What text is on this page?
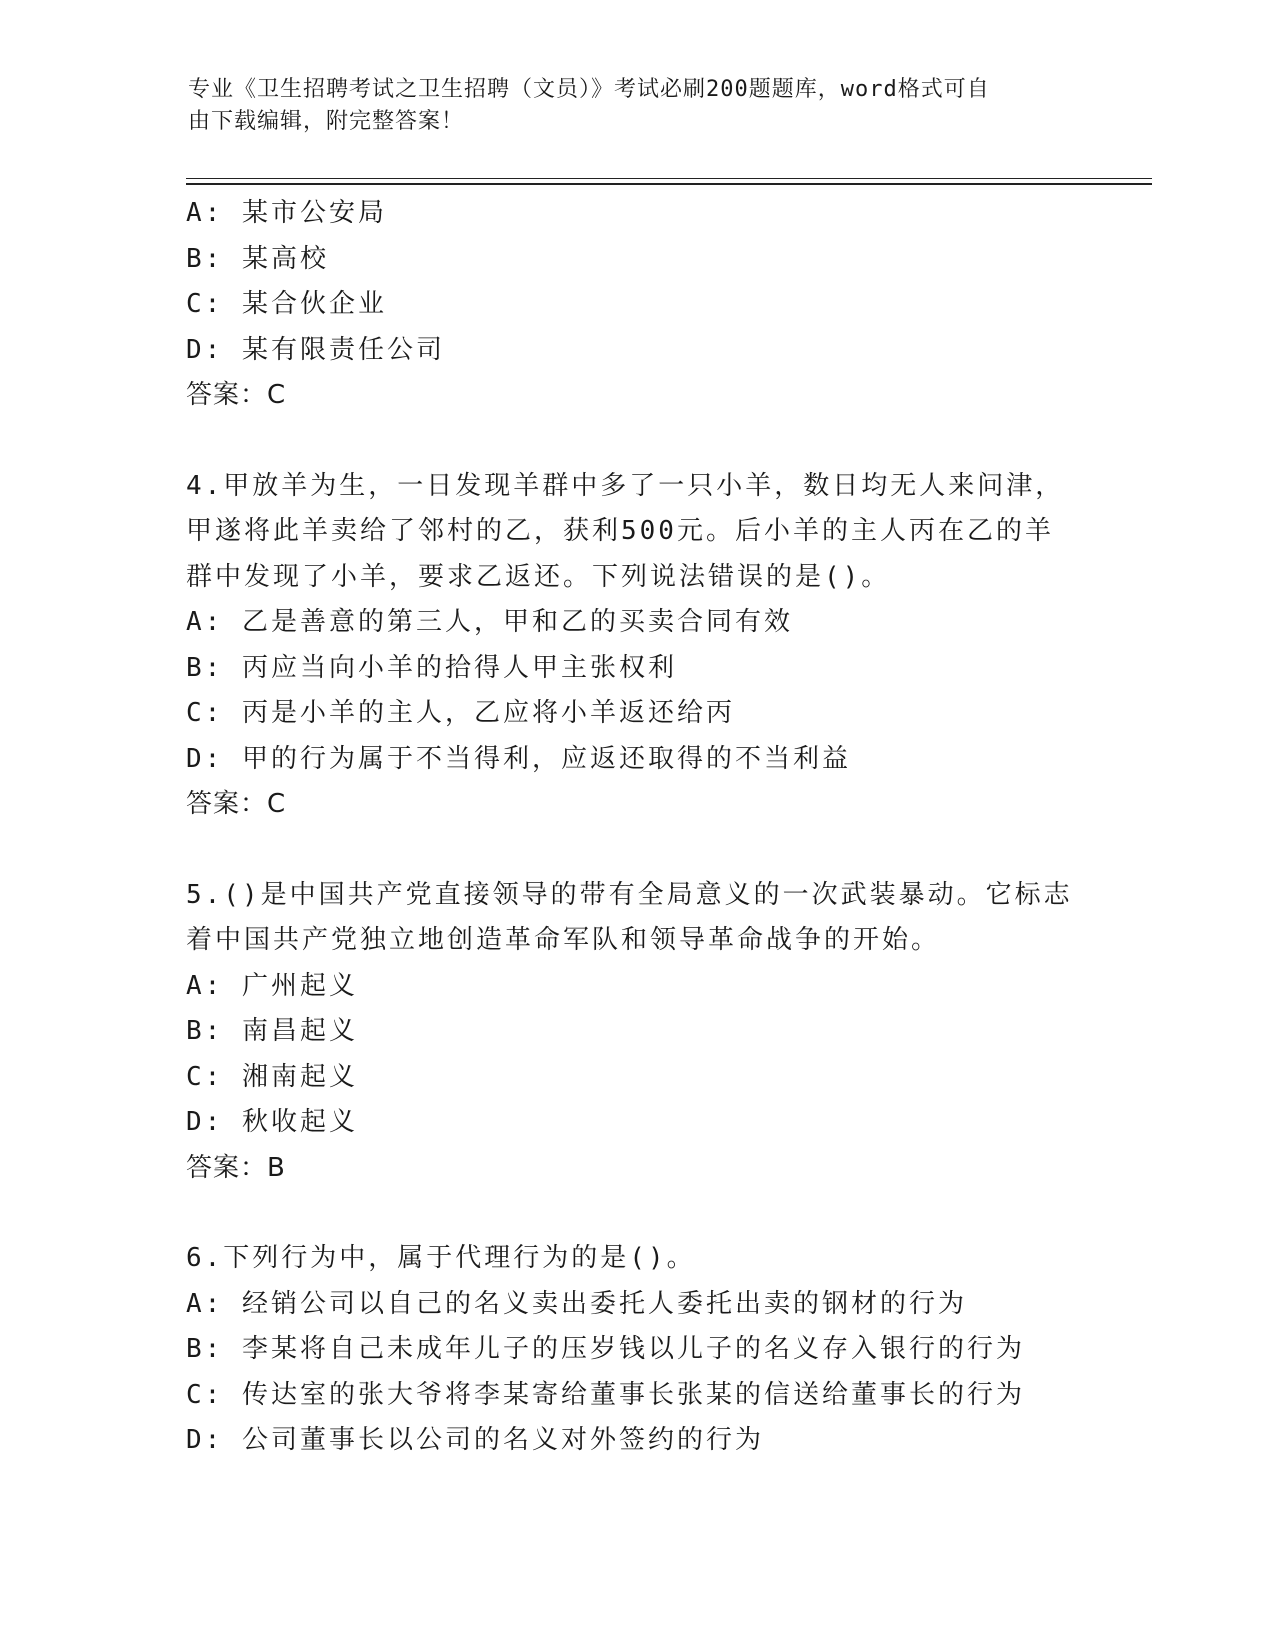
专业《卫生招聘考试之卫生招聘（文员）》考试必刷200题题库，word格式可自
由下载编辑，附完整答案！
A: 某市公安局
B: 某高校
C: 某合伙企业
D: 某有限责任公司
答案：C
4.甲放羊为生，一日发现羊群中多了一只小羊，数日均无人来问津，
甲遂将此羊卖给了邻村的乙，获利500元。后小羊的主人丙在乙的羊
群中发现了小羊，要求乙返还。下列说法错误的是()。
A: 乙是善意的第三人，甲和乙的买卖合同有效
B: 丙应当向小羊的拾得人甲主张权利
C: 丙是小羊的主人，乙应将小羊返还给丙
D: 甲的行为属于不当得利，应返还取得的不当利益
答案：C
5.()是中国共产党直接领导的带有全局意义的一次武装暴动。它标志
着中国共产党独立地创造革命军队和领导革命战争的开始。
A: 广州起义
B: 南昌起义
C: 湘南起义
D: 秋收起义
答案：B
6.下列行为中，属于代理行为的是()。
A: 经销公司以自己的名义卖出委托人委托出卖的钢材的行为
B: 李某将自己未成年儿子的压岁钱以儿子的名义存入银行的行为
C: 传达室的张大爷将李某寄给董事长张某的信送给董事长的行为
D: 公司董事长以公司的名义对外签约的行为
